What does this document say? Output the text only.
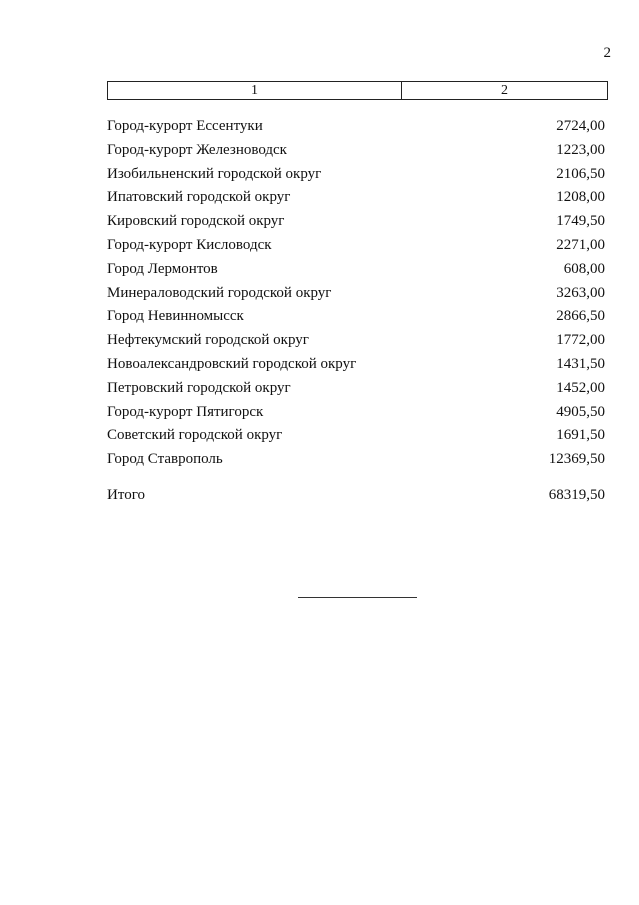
2
1	2
Город-курорт Ессентуки	2724,00
Город-курорт Железноводск	1223,00
Изобильненский городской округ	2106,50
Ипатовский городской округ	1208,00
Кировский городской округ	1749,50
Город-курорт Кисловодск	2271,00
Город Лермонтов	608,00
Минераловодский городской округ	3263,00
Город Невинномысск	2866,50
Нефтекумский городской округ	1772,00
Новоалександровский городской округ	1431,50
Петровский городской округ	1452,00
Город-курорт Пятигорск	4905,50
Советский городской округ	1691,50
Город Ставрополь	12369,50
Итого	68319,50
